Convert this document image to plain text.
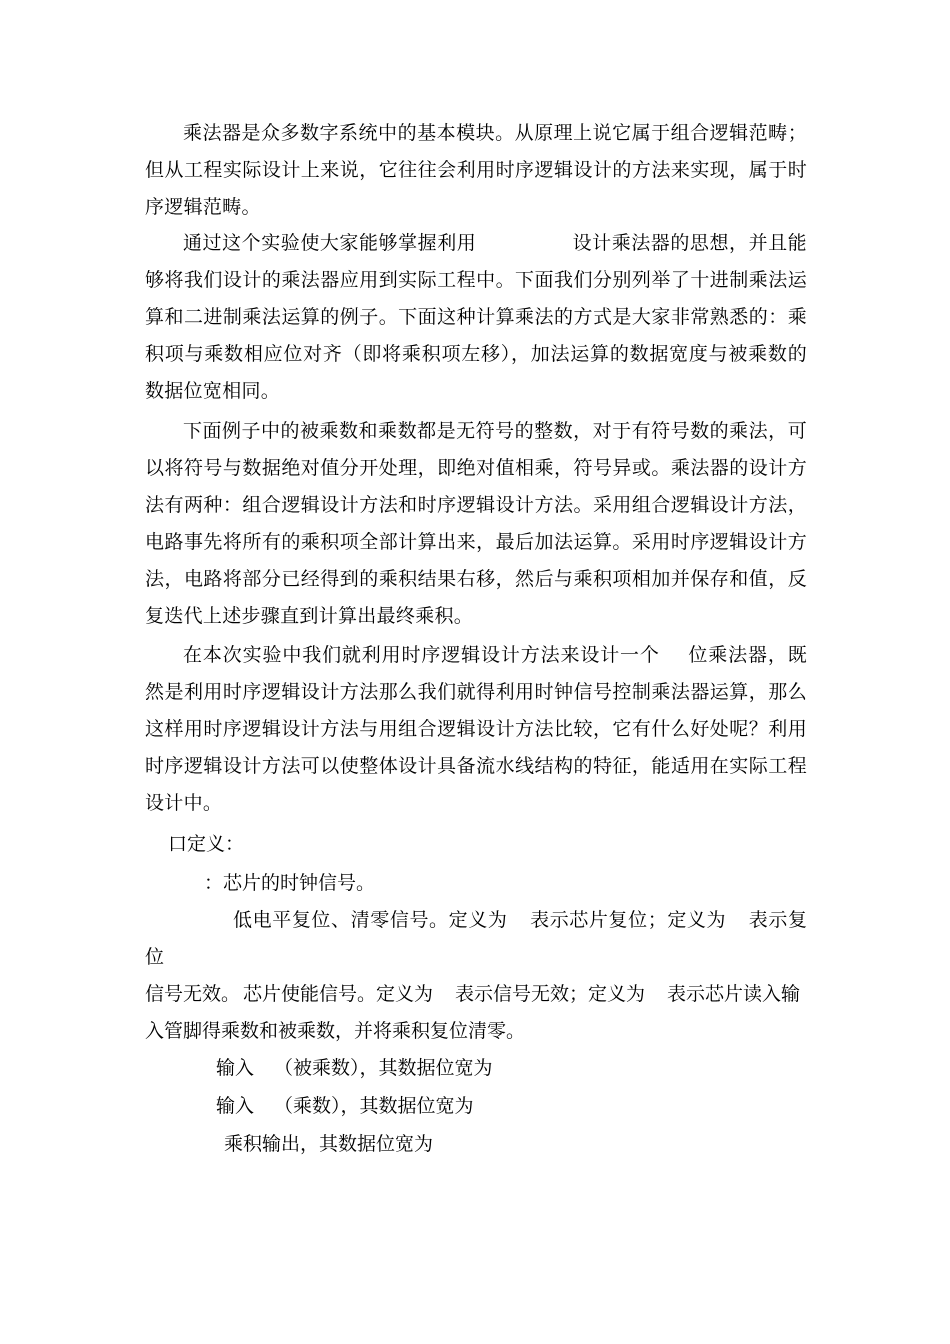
乘法器是众多数字系统中的基本模块。从原理上说它属于组合逻辑范畴；但从工程实际设计上来说，它往往会利用时序逻辑设计的方法来实现，属于时序逻辑范畴。

通过这个实验使大家能够掌握利用	设计乘法器的思想，并且能够将我们设计的乘法器应用到实际工程中。下面我们分别列举了十进制乘法运算和二进制乘法运算的例子。下面这种计算乘法的方式是大家非常熟悉的：乘积项与乘数相应位对齐（即将乘积项左移），加法运算的数据宽度与被乘数的数据位宽相同。

下面例子中的被乘数和乘数都是无符号的整数，对于有符号数的乘法，可以将符号与数据绝对值分开处理，即绝对值相乘，符号异或。乘法器的设计方法有两种：组合逻辑设计方法和时序逻辑设计方法。采用组合逻辑设计方法，电路事先将所有的乘积项全部计算出来，最后加法运算。采用时序逻辑设计方法，电路将部分已经得到的乘积结果右移，然后与乘积项相加并保存和值，反复迭代上述步骤直到计算出最终乘积。

在本次实验中我们就利用时序逻辑设计方法来设计一个 位乘法器，既然是利用时序逻辑设计方法那么我们就得利用时钟信号控制乘法器运算，那么这样用时序逻辑设计方法与用组合逻辑设计方法比较，它有什么好处呢？利用时序逻辑设计方法可以使整体设计具备流水线结构的特征，能适用在实际工程设计中。

口定义：

：芯片的时钟信号。

低电平复位、清零信号。定义为 表示芯片复位；定义为 表示复位
信号无效。 芯片使能信号。定义为 表示信号无效；定义为 表示芯片读入输
入管脚得乘数和被乘数，并将乘积复位清零。

输入 （被乘数），其数据位宽为

输入 （乘数），其数据位宽为

乘积输出，其数据位宽为
